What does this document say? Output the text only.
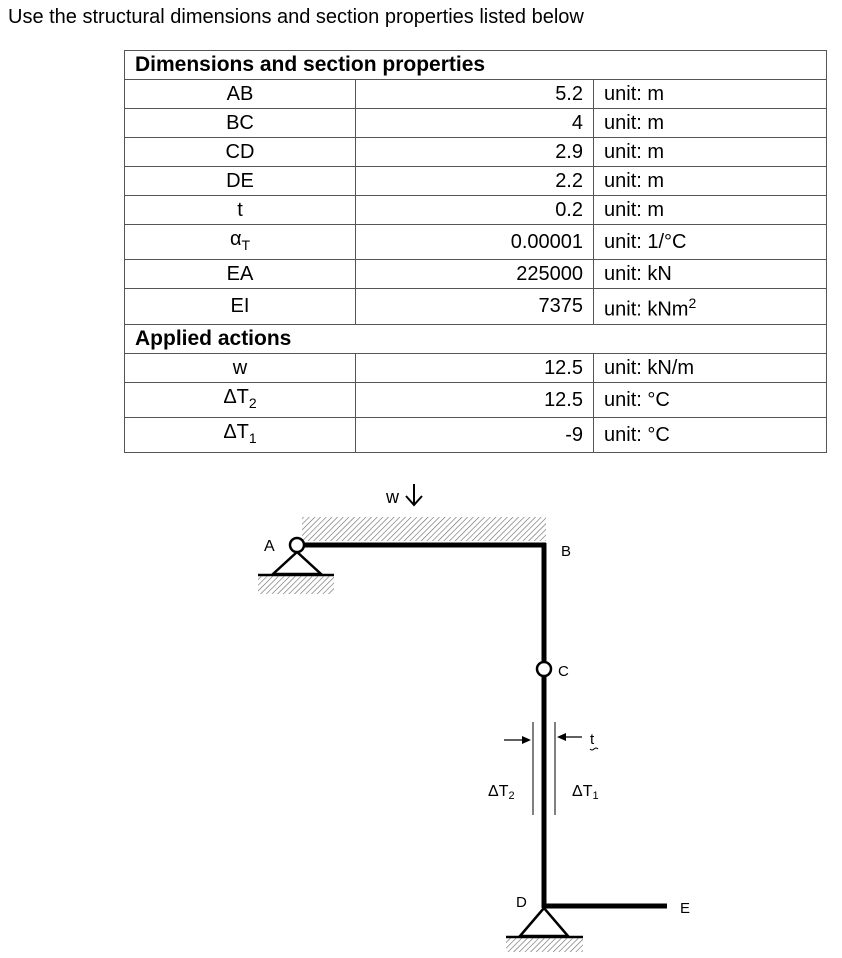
Use the structural dimensions and section properties listed below
Dimensions and section properties		
AB	5.2	unit: m
BC	4	unit: m
CD	2.9	unit: m
DE	2.2	unit: m
t	0.2	unit: m
$\alpha_T$	0.00001	unit: 1/°C
EA	225000	unit: kN
EI	7375	unit: kNm$^2$
Applied actions		
w	12.5	unit: kN/m
$\Delta T_2$	12.5	unit: °C
$\Delta T_1$	-9	unit: °C
w
A	B
C
t
ΔT2	ΔT1
D	E
